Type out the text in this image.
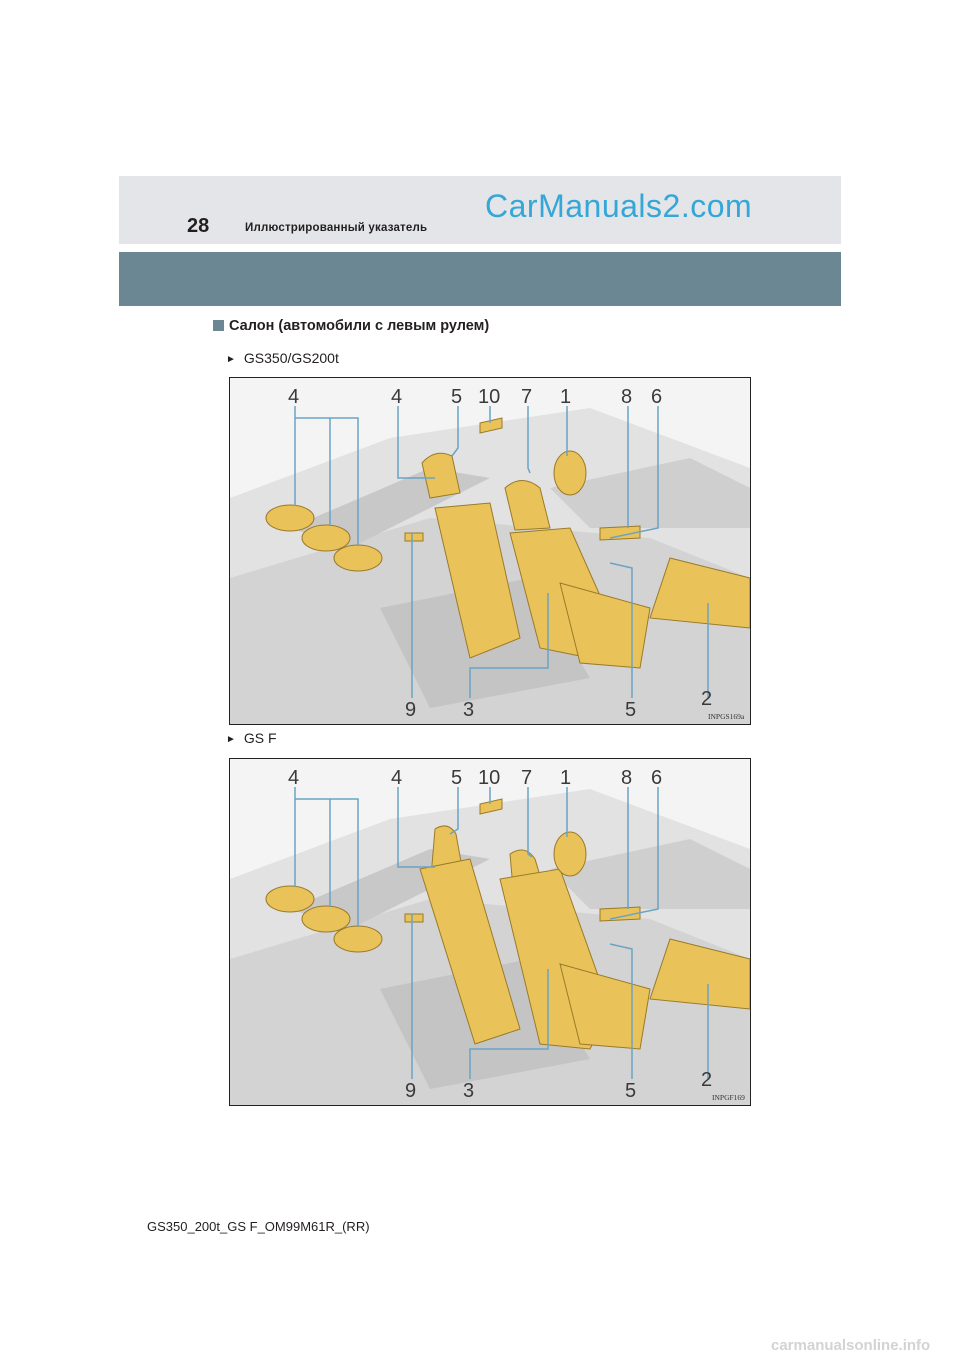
28	Иллюстрированный указатель
CarManuals2.com
Салон (автомобили с левым рулем)
► GS350/GS200t
4	4 5 10 7 1 8 6
9 3	5	2
INPGS169a
► GS F
4	4 5 10 7 1 8 6
9 3	5	2
INPGF169
GS350_200t_GS F_OM99M61R_(RR)
carmanualsonline.info
